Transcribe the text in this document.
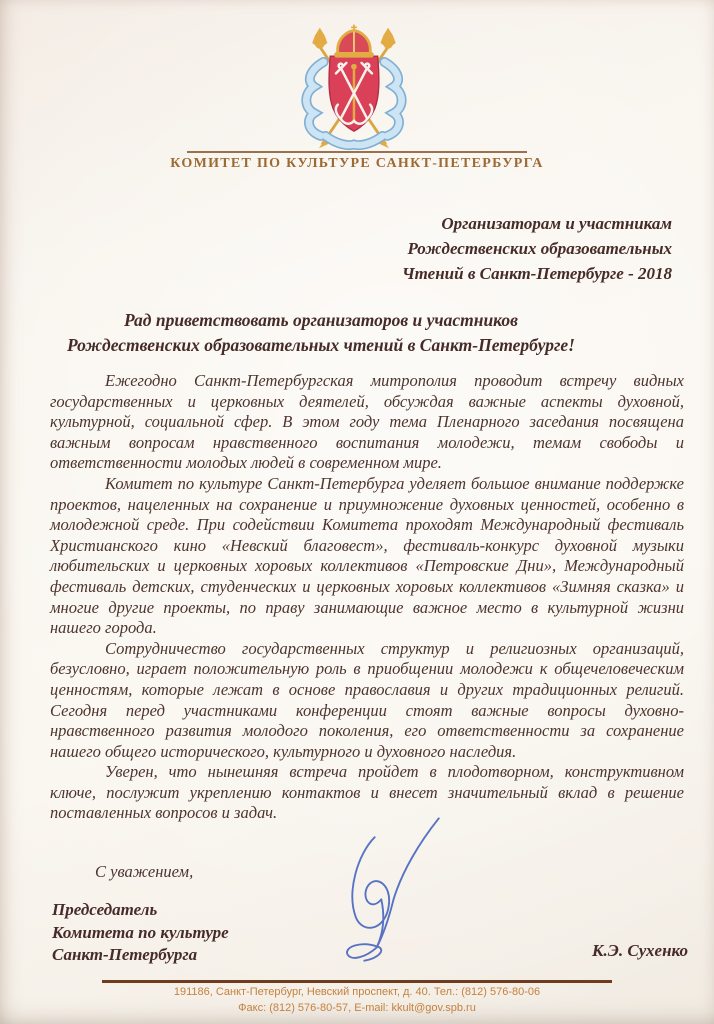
КОМИТЕТ ПО КУЛЬТУРЕ САНКТ-ПЕТЕРБУРГА
Организаторам и участникам
Рождественских образовательных
Чтений в Санкт-Петербурге - 2018
Рад приветствовать организаторов и участников
Рождественских образовательных чтений в Санкт-Петербурге!

Ежегодно Санкт-Петербургская митрополия проводит встречу видных государственных и церковных деятелей, обсуждая важные аспекты духовной, культурной, социальной сфер. В этом году тема Пленарного заседания посвящена важным вопросам нравственного воспитания молодежи, темам свободы и ответственности молодых людей в современном мире.

Комитет по культуре Санкт-Петербурга уделяет большое внимание поддержке проектов, нацеленных на сохранение и приумножение духовных ценностей, особенно в молодежной среде. При содействии Комитета проходят Международный фестиваль Христианского кино «Невский благовест», фестиваль-конкурс духовной музыки любительских и церковных хоровых коллективов «Петровские Дни», Международный фестиваль детских, студенческих и церковных хоровых коллективов «Зимняя сказка» и многие другие проекты, по праву занимающие важное место в культурной жизни нашего города.

Сотрудничество государственных структур и религиозных организаций, безусловно, играет положительную роль в приобщении молодежи к общечеловеческим ценностям, которые лежат в основе православия и других традиционных религий. Сегодня перед участниками конференции стоят важные вопросы духовно-нравственного развития молодого поколения, его ответственности за сохранение нашего общего исторического, культурного и духовного наследия.

Уверен, что нынешняя встреча пройдет в плодотворном, конструктивном ключе, послужит укреплению контактов и внесет значительный вклад в решение поставленных вопросов и задач.

С уважением,
Председатель
Комитета по культуре
Санкт-Петербурга	К.Э. Сухенко
191186, Санкт-Петербург, Невский проспект, д. 40. Тел.: (812) 576-80-06
Факс: (812) 576-80-57, E-mail: kkult@gov.spb.ru
